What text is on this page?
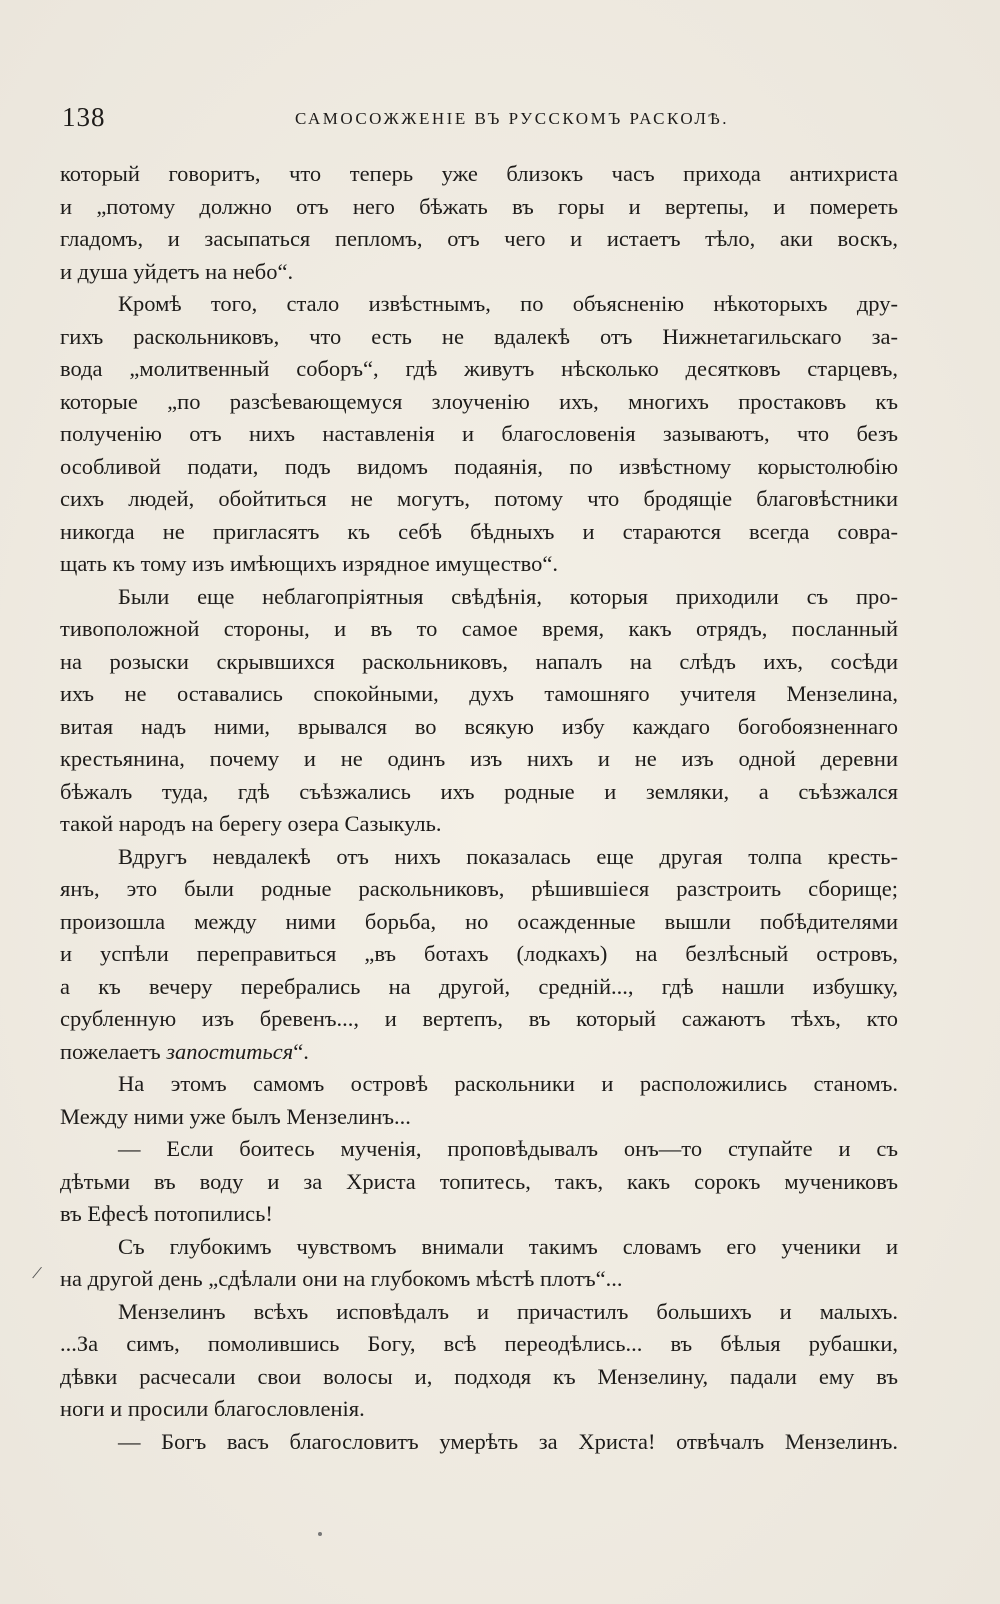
138	САМОСОЖЖЕНІЕ ВЪ РУССКОМЪ РАСКОЛѢ.
который говоритъ, что теперь уже близокъ часъ прихода антихриста
и „потому должно отъ него бѣжать въ горы и вертепы, и помереть
гладомъ, и засыпаться пепломъ, отъ чего и истаетъ тѣло, аки воскъ,
и душа уйдетъ на небо“.
Кромѣ того, стало извѣстнымъ, по объясненію нѣкоторыхъ дру-
гихъ раскольниковъ, что есть не вдалекѣ отъ Нижнетагильскаго за-
вода „молитвенный соборъ“, гдѣ живутъ нѣсколько десятковъ старцевъ,
которые „по разсѣевающемуся злоученію ихъ, многихъ простаковъ къ
полученію отъ нихъ наставленія и благословенія зазываютъ, что безъ
особливой подати, подъ видомъ подаянія, по извѣстному корыстолюбію
сихъ людей, обойтиться не могутъ, потому что бродящіе благовѣстники
никогда не пригласятъ къ себѣ бѣдныхъ и стараются всегда совра-
щать къ тому изъ имѣющихъ изрядное имущество“.
Были еще неблагопріятныя свѣдѣнія, которыя приходили съ про-
тивоположной стороны, и въ то самое время, какъ отрядъ, посланный
на розыски скрывшихся раскольниковъ, напалъ на слѣдъ ихъ, сосѣди
ихъ не оставались спокойными, духъ тамошняго учителя Мензелина,
витая надъ ними, врывался во всякую избу каждаго богобоязненнаго
крестьянина, почему и не одинъ изъ нихъ и не изъ одной деревни
бѣжалъ туда, гдѣ съѣзжались ихъ родные и земляки, а съѣзжался
такой народъ на берегу озера Сазыкуль.
Вдругъ невдалекѣ отъ нихъ показалась еще другая толпа кресть-
янъ, это были родные раскольниковъ, рѣшившіеся разстроить сборище;
произошла между ними борьба, но осажденные вышли побѣдителями
и успѣли переправиться „въ ботахъ (лодкахъ) на безлѣсный островъ,
а къ вечеру перебрались на другой, средній..., гдѣ нашли избушку,
срубленную изъ бревенъ..., и вертепъ, въ который сажаютъ тѣхъ, кто
пожелаетъ запоститься“.
На этомъ самомъ островѣ раскольники и расположились станомъ.
Между ними уже былъ Мензелинъ...
— Если боитесь мученія, проповѣдывалъ онъ—то ступайте и съ
дѣтьми въ воду и за Христа топитесь, такъ, какъ сорокъ мучениковъ
въ Ефесѣ потопились!
Съ глубокимъ чувствомъ внимали такимъ словамъ его ученики и
на другой день „сдѣлали они на глубокомъ мѣстѣ плотъ“...
Мензелинъ всѣхъ исповѣдалъ и причастилъ большихъ и малыхъ.
...За симъ, помолившись Богу, всѣ переодѣлись... въ бѣлыя рубашки,
дѣвки расчесали свои волосы и, подходя къ Мензелину, падали ему въ
ноги и просили благословленія.
— Богъ васъ благословитъ умерѣть за Христа! отвѣчалъ Мензелинъ.
/
